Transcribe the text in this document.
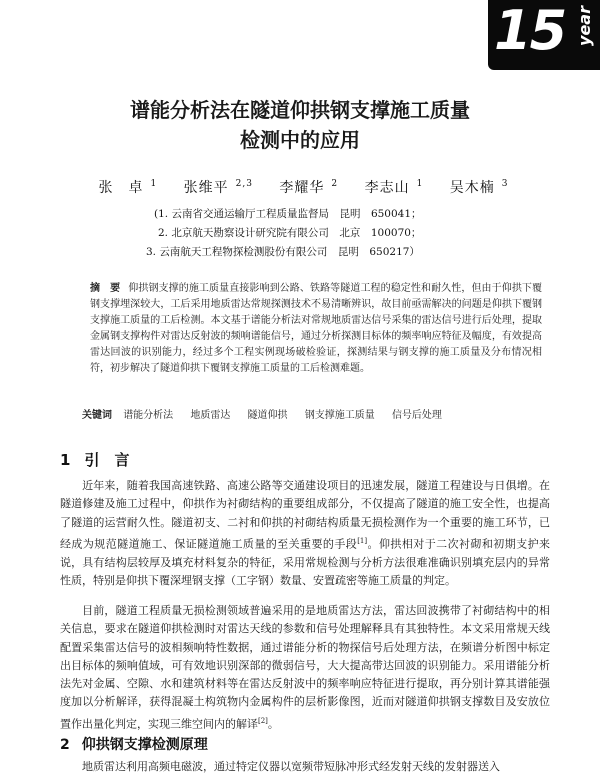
15 year
谱能分析法在隧道仰拱钢支撑施工质量
检测中的应用
张　卓 $^1$ 张维平 $^{2,3}$ 李耀华 $^2$ 李志山 $^1$ 吴木楠 $^3$
(1. 云南省交通运输厅工程质量监督局　昆明　650041；
2. 北京航天勘察设计研究院有限公司　北京　100070；
3. 云南航天工程物探检测股份有限公司　昆明　650217）
摘　要 仰拱钢支撑的施工质量直接影响到公路、铁路等隧道工程的稳定性和耐久性，但由于仰拱下覆钢支撑埋深较大，工后采用地质雷达常规探测技术不易清晰辨识，故目前亟需解决的问题是仰拱下覆钢支撑施工质量的工后检测。本文基于谱能分析法对常规地质雷达信号采集的雷达信号进行后处理，提取金属钢支撑构件对雷达反射波的频响谱能信号，通过分析探测目标体的频率响应特征及幅度，有效提高雷达回波的识别能力，经过多个工程实例现场破检验证，探测结果与钢支撑的施工质量及分布情况相符，初步解决了隧道仰拱下覆钢支撑施工质量的工后检测难题。
关键词 谱能分析法 地质雷达 隧道仰拱 钢支撑施工质量 信号后处理
1 引　言
近年来，随着我国高速铁路、高速公路等交通建设项目的迅速发展，隧道工程建设与日俱增。在隧道修建及施工过程中，仰拱作为衬砌结构的重要组成部分，不仅提高了隧道的施工安全性，也提高了隧道的运营耐久性。隧道初支、二衬和仰拱的衬砌结构质量无损检测作为一个重要的施工环节，已经成为规范隧道施工、保证隧道施工质量的至关重要的手段[1]。仰拱相对于二次衬砌和初期支护来说，具有结构层较厚及填充材料复杂的特征，采用常规检测与分析方法很难准确识别填充层内的异常性质，特别是仰拱下覆深埋钢支撑（工字钢）数量、安置疏密等施工质量的判定。
目前，隧道工程质量无损检测领域普遍采用的是地质雷达方法，雷达回波携带了衬砌结构中的相关信息，要求在隧道仰拱检测时对雷达天线的参数和信号处理解释具有其独特性。本文采用常规天线配置采集雷达信号的波相频响特性数据，通过谱能分析的物探信号后处理方法，在频谱分析图中标定出目标体的频响值域，可有效地识别深部的微弱信号，大大提高带达回波的识别能力。采用谱能分析法先对金属、空隙、水和建筑材料等在雷达反射波中的频率响应特征进行提取，再分别计算其谱能强度加以分析解译，获得混凝土构筑物内金属构件的层析影像图，近而对隧道仰拱钢支撑数目及安放位置作出量化判定，实现三维空间内的解译[2]。
2 仰拱钢支撑检测原理
地质雷达利用高频电磁波，通过特定仪器以宽频带短脉冲形式经发射天线的发射器送入
